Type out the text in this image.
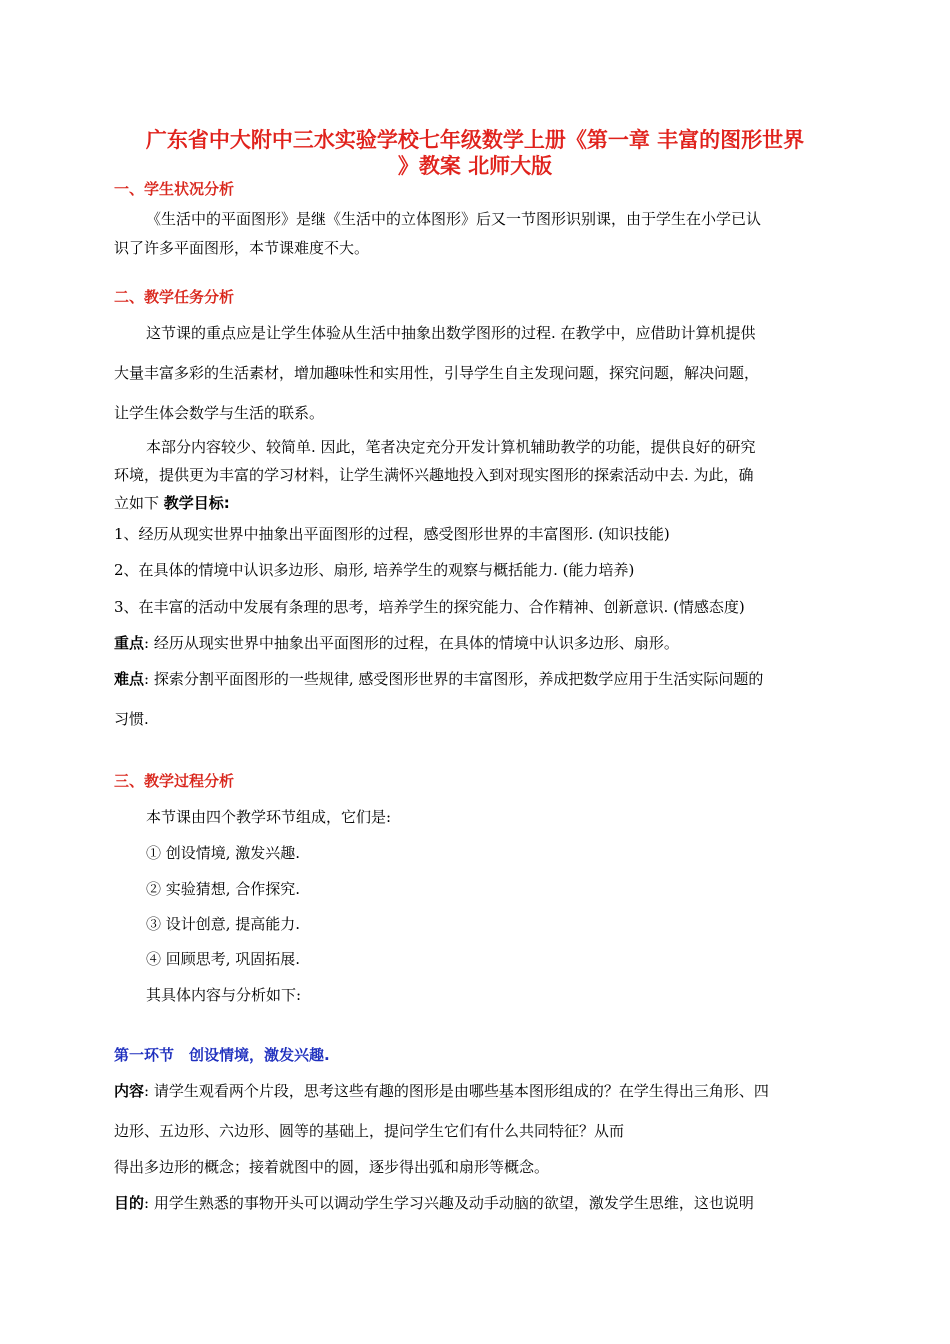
广东省中大附中三水实验学校七年级数学上册《第一章 丰富的图形世界
》教案 北师大版
一、学生状况分析
《生活中的平面图形》是继《生活中的立体图形》后又一节图形识别课，由于学生在小学已认
识了许多平面图形，本节课难度不大。
二、教学任务分析
这节课的重点应是让学生体验从生活中抽象出数学图形的过程. 在教学中，应借助计算机提供
大量丰富多彩的生活素材，增加趣味性和实用性，引导学生自主发现问题，探究问题，解决问题，
让学生体会数学与生活的联系。
本部分内容较少、较简单. 因此，笔者决定充分开发计算机辅助教学的功能，提供良好的研究
环境，提供更为丰富的学习材料，让学生满怀兴趣地投入到对现实图形的探索活动中去. 为此，确
立如下 教学目标:
1、经历从现实世界中抽象出平面图形的过程，感受图形世界的丰富图形. (知识技能)
2、在具体的情境中认识多边形、扇形, 培养学生的观察与概括能力. (能力培养)
3、在丰富的活动中发展有条理的思考，培养学生的探究能力、合作精神、创新意识. (情感态度)
重点: 经历从现实世界中抽象出平面图形的过程，在具体的情境中认识多边形、扇形。
难点: 探索分割平面图形的一些规律, 感受图形世界的丰富图形，养成把数学应用于生活实际问题的
习惯.
三、教学过程分析
本节课由四个教学环节组成，它们是:
① 创设情境, 激发兴趣.
② 实验猜想, 合作探究.
③ 设计创意, 提高能力.
④ 回顾思考, 巩固拓展.
其具体内容与分析如下:
第一环节　创设情境，激发兴趣.
内容: 请学生观看两个片段，思考这些有趣的图形是由哪些基本图形组成的？在学生得出三角形、四
边形、五边形、六边形、圆等的基础上，提问学生它们有什么共同特征？从而
得出多边形的概念；接着就图中的圆，逐步得出弧和扇形等概念。
目的: 用学生熟悉的事物开头可以调动学生学习兴趣及动手动脑的欲望，激发学生思维，这也说明
